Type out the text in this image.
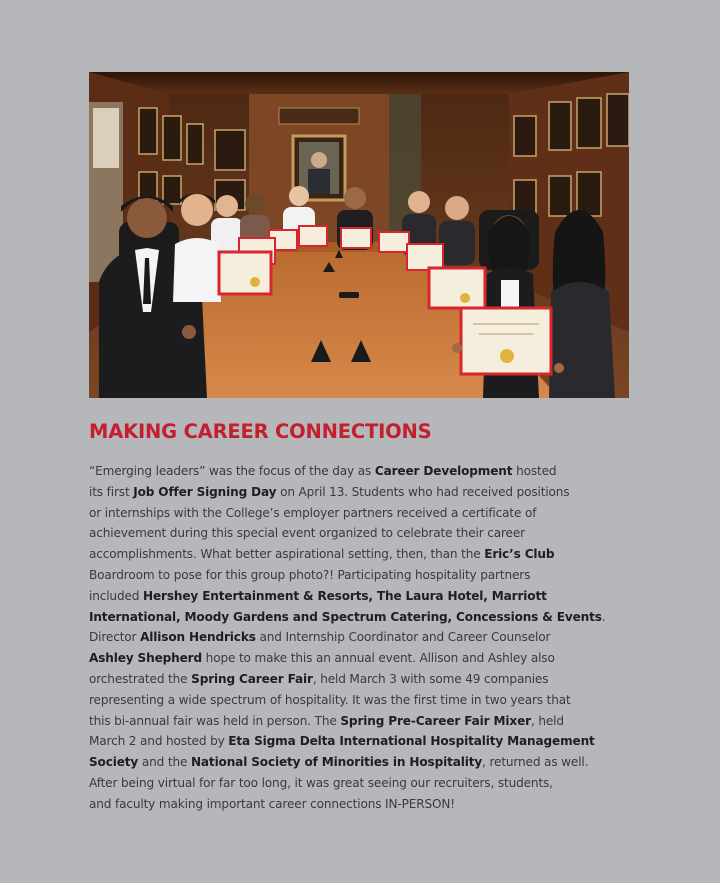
MAKING CAREER CONNECTIONS

“Emerging leaders” was the focus of the day as Career Development hosted
its first Job Offer Signing Day on April 13. Students who had received positions
or internships with the College’s employer partners received a certificate of
achievement during this special event organized to celebrate their career
accomplishments. What better aspirational setting, then, than the Eric’s Club
Boardroom to pose for this group photo?! Participating hospitality partners
included Hershey Entertainment & Resorts, The Laura Hotel, Marriott
International, Moody Gardens and Spectrum Catering, Concessions & Events.
Director Allison Hendricks and Internship Coordinator and Career Counselor
Ashley Shepherd hope to make this an annual event. Allison and Ashley also
orchestrated the Spring Career Fair, held March 3 with some 49 companies
representing a wide spectrum of hospitality. It was the first time in two years that
this bi-annual fair was held in person. The Spring Pre-Career Fair Mixer, held
March 2 and hosted by Eta Sigma Delta International Hospitality Management
Society and the National Society of Minorities in Hospitality, returned as well.
After being virtual for far too long, it was great seeing our recruiters, students,
and faculty making important career connections IN-PERSON!
